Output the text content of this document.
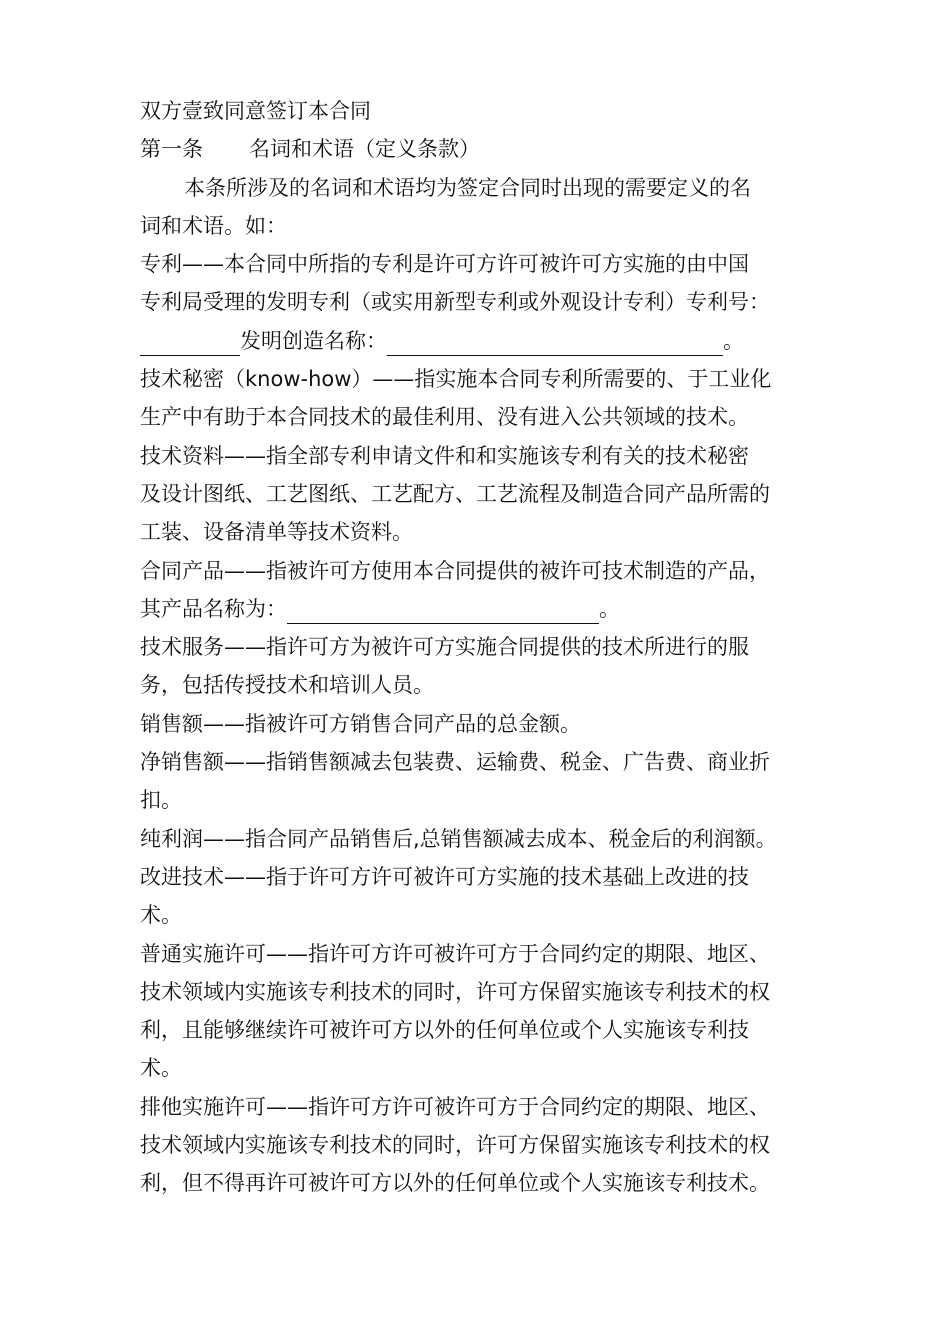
双方壹致同意签订本合同
第一条 名词和术语（定义条款）
本条所涉及的名词和术语均为签定合同时出现的需要定义的名
词和术语。如：
专利——本合同中所指的专利是许可方许可被许可方实施的由中国
专利局受理的发明专利（或实用新型专利或外观设计专利）专利号：
发明创造名称：	。
技术秘密（know-how）——指实施本合同专利所需要的、于工业化
生产中有助于本合同技术的最佳利用、没有进入公共领域的技术。
技术资料——指全部专利申请文件和和实施该专利有关的技术秘密
及设计图纸、工艺图纸、工艺配方、工艺流程及制造合同产品所需的
工装、设备清单等技术资料。
合同产品——指被许可方使用本合同提供的被许可技术制造的产品，
其产品名称为：	。
技术服务——指许可方为被许可方实施合同提供的技术所进行的服
务，包括传授技术和培训人员。
销售额——指被许可方销售合同产品的总金额。
净销售额——指销售额减去包装费、运输费、税金、广告费、商业折
扣。
纯利润——指合同产品销售后,总销售额减去成本、税金后的利润额。
改进技术——指于许可方许可被许可方实施的技术基础上改进的技
术。
普通实施许可——指许可方许可被许可方于合同约定的期限、地区、
技术领域内实施该专利技术的同时，许可方保留实施该专利技术的权
利，且能够继续许可被许可方以外的任何单位或个人实施该专利技
术。
排他实施许可——指许可方许可被许可方于合同约定的期限、地区、
技术领域内实施该专利技术的同时，许可方保留实施该专利技术的权
利，但不得再许可被许可方以外的任何单位或个人实施该专利技术。
